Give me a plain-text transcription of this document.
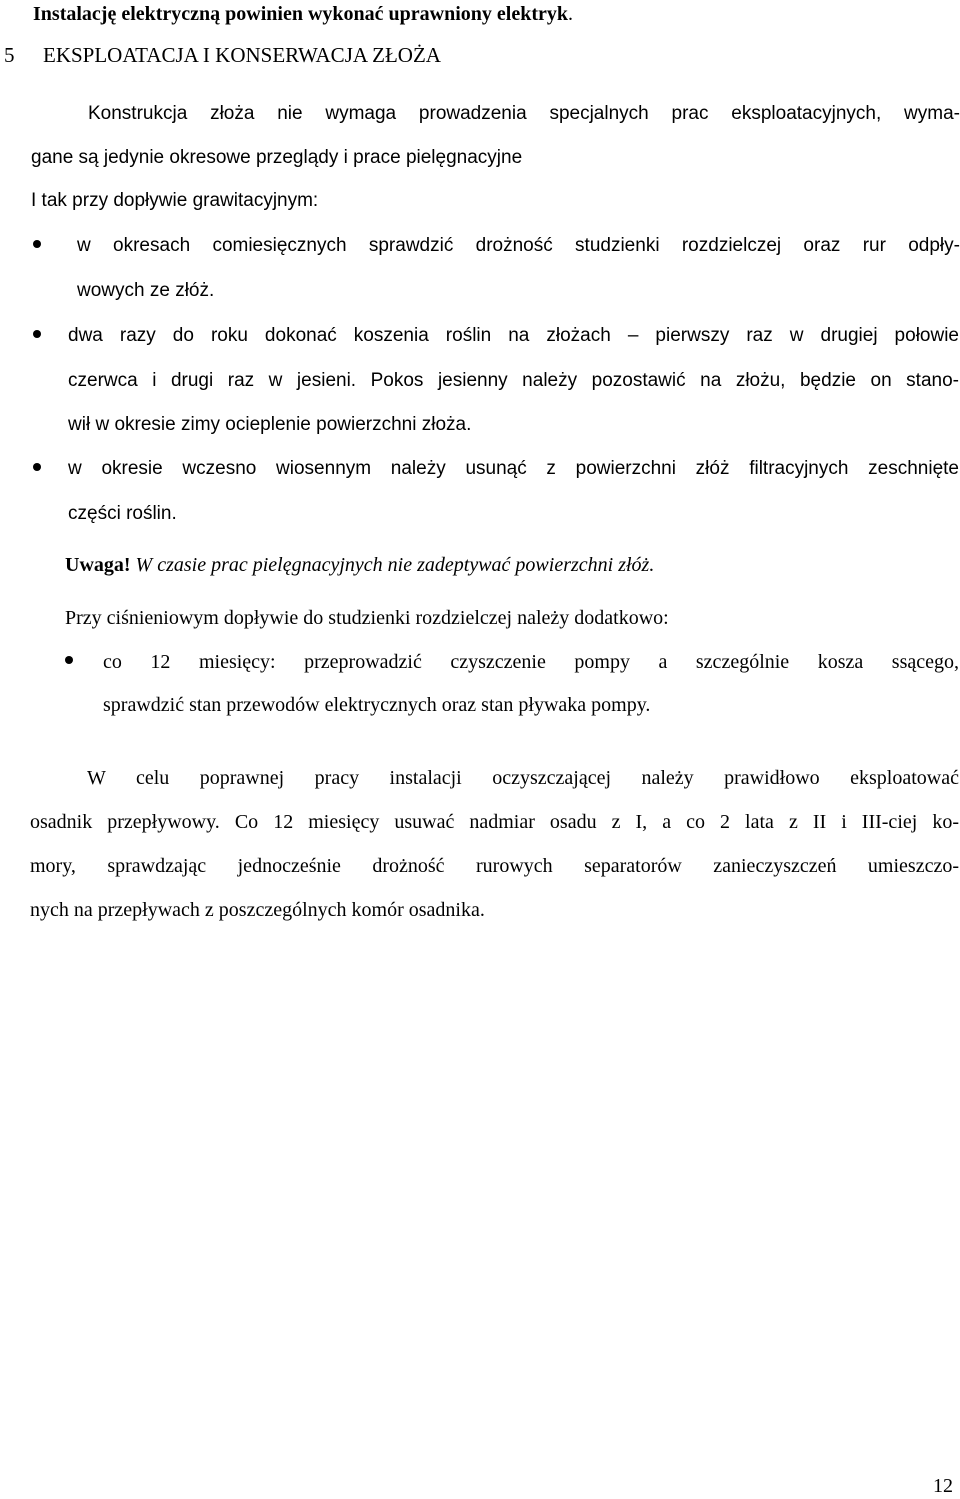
Instalację elektryczną powinien wykonać uprawniony elektryk.
5 EKSPLOATACJA I KONSERWACJA ZŁOŻA
Konstrukcja złoża nie wymaga prowadzenia specjalnych prac eksploatacyjnych, wyma-
gane są jedynie okresowe przeglądy i prace pielęgnacyjne
I tak przy dopływie grawitacyjnym:
w okresach comiesięcznych sprawdzić drożność studzienki rozdzielczej oraz rur odpły-
wowych ze złóż.
dwa razy do roku dokonać koszenia roślin na złożach – pierwszy raz w drugiej połowie
czerwca i drugi raz w jesieni. Pokos jesienny należy pozostawić na złożu, będzie on stano-
wił w okresie zimy ocieplenie powierzchni złoża.
w okresie wczesno wiosennym należy usunąć z powierzchni złóż filtracyjnych zeschnięte
części roślin.
Uwaga! W czasie prac pielęgnacyjnych nie zadeptywać powierzchni złóż.
Przy ciśnieniowym dopływie do studzienki rozdzielczej należy dodatkowo:
co 12 miesięcy: przeprowadzić czyszczenie pompy a szczególnie kosza ssącego,
sprawdzić stan przewodów elektrycznych oraz stan pływaka pompy.
W celu poprawnej pracy instalacji oczyszczającej należy prawidłowo eksploatować
osadnik przepływowy. Co 12 miesięcy usuwać nadmiar osadu z I, a co 2 lata z II i III-ciej ko-
mory, sprawdzając jednocześnie drożność rurowych separatorów zanieczyszczeń umieszczo-
nych na przepływach z poszczególnych komór osadnika.
12
